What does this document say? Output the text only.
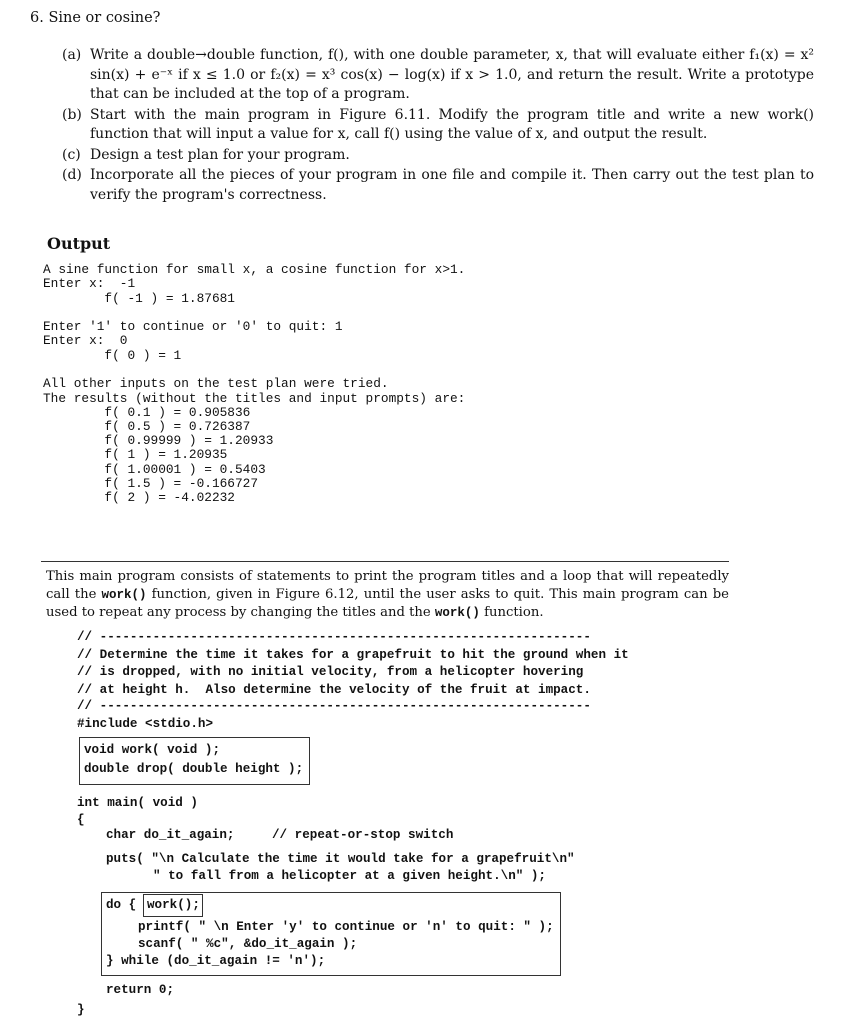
6. Sine or cosine?
(a) Write a double→double function, f(), with one double parameter, x, that will evaluate either f₁(x) = x² sin(x) + e⁻ˣ if x ≤ 1.0 or f₂(x) = x³ cos(x) − log(x) if x > 1.0, and return the result. Write a prototype that can be included at the top of a program.
(b) Start with the main program in Figure 6.11. Modify the program title and write a new work() function that will input a value for x, call f() using the value of x, and output the result.
(c) Design a test plan for your program.
(d) Incorporate all the pieces of your program in one file and compile it. Then carry out the test plan to verify the program's correctness.
Output
A sine function for small x, a cosine function for x>1.
Enter x:  -1
f( -1 ) = 1.87681
Enter '1' to continue or '0' to quit: 1
Enter x:  0
f( 0 ) = 1
All other inputs on the test plan were tried.
The results (without the titles and input prompts) are:
f( 0.1 ) = 0.905836
f( 0.5 ) = 0.726387
f( 0.99999 ) = 1.20933
f( 1 ) = 1.20935
f( 1.00001 ) = 0.5403
f( 1.5 ) = -0.166727
f( 2 ) = -4.02232
This main program consists of statements to print the program titles and a loop that will repeatedly call the work() function, given in Figure 6.12, until the user asks to quit. This main program can be used to repeat any process by changing the titles and the work() function.
// -----------------------------------------------------------------
// Determine the time it takes for a grapefruit to hit the ground when it
// is dropped, with no initial velocity, from a helicopter hovering
// at height h.  Also determine the velocity of the fruit at impact.
// -----------------------------------------------------------------
#include <stdio.h>
void work( void );
double drop( double height );
int main( void )
{
char do_it_again;	// repeat-or-stop switch
puts( "\n Calculate the time it would take for a grapefruit\n"
" to fall from a helicopter at a given height.\n" );
do { work();
printf( " \n Enter 'y' to continue or 'n' to quit: " );
scanf( " %c", &do_it_again );
} while (do_it_again != 'n');
return 0;
}
